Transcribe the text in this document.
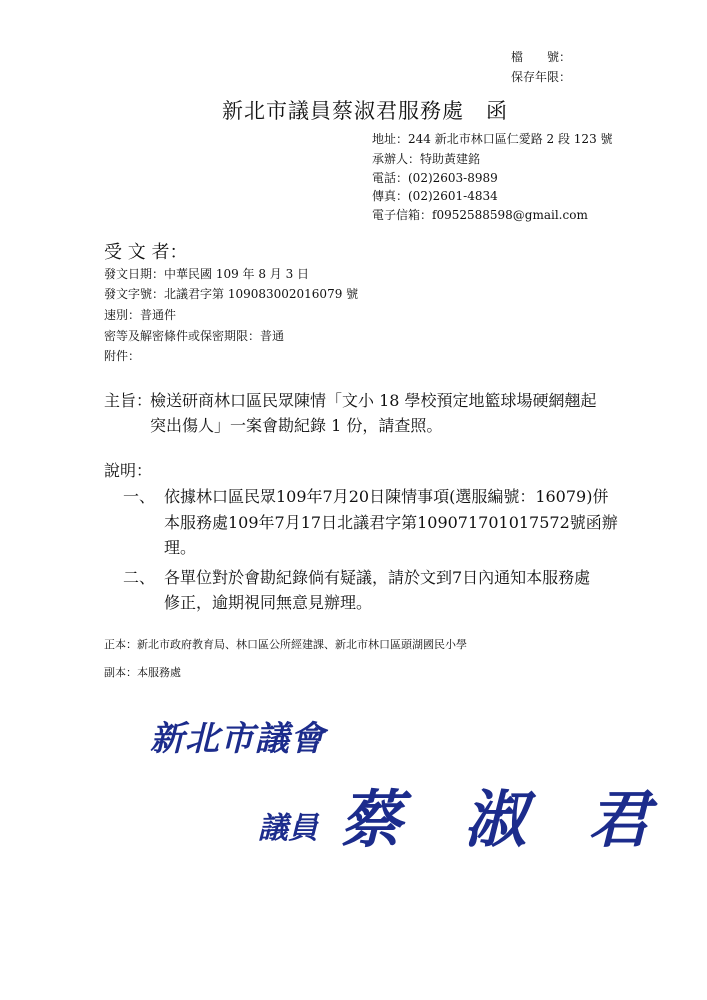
檔　　號：
保存年限：
新北市議員蔡淑君服務處　函
地址：244 新北市林口區仁愛路 2 段 123 號
承辦人：特助黃建銘
電話：(02)2603-8989
傳真：(02)2601-4834
電子信箱：f0952588598@gmail.com
受 文 者：
發文日期：中華民國 109 年 8 月 3 日
發文字號：北議君字第 109083002016079 號
速別：普通件
密等及解密條件或保密期限：普通
附件：
主旨：
檢送研商林口區民眾陳情「文小 18 學校預定地籃球場硬網翹起
突出傷人」一案會勘紀錄 1 份，請查照。
說明：
一、 依據林口區民眾109年7月20日陳情事項(選服編號：16079)併
本服務處109年7月17日北議君字第109071701017572號函辦
理。
二、 各單位對於會勘紀錄倘有疑議，請於文到7日內通知本服務處
修正，逾期視同無意見辦理。
正本：新北市政府教育局、林口區公所經建課、新北市林口區頭湖國民小學
副本：本服務處
新北市議會
議員 蔡　淑　君
